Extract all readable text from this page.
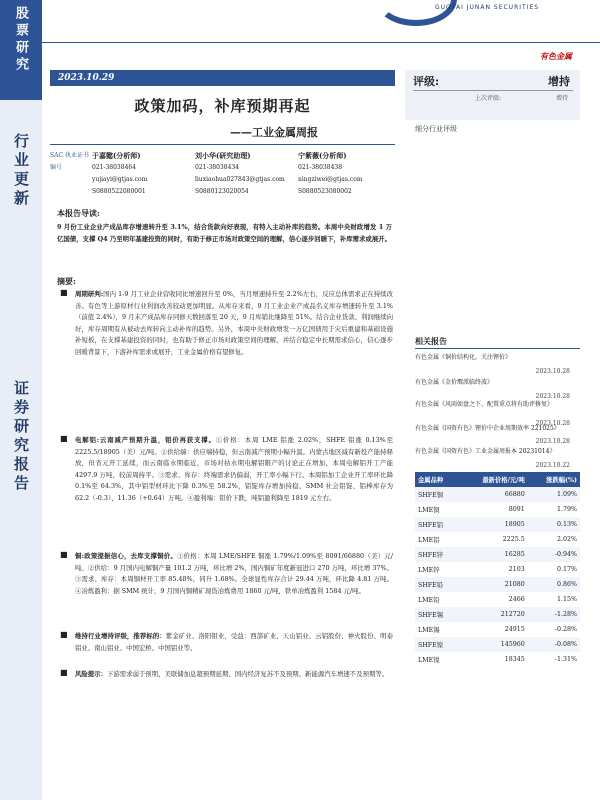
股票研究
行业更新
证券研究报告
GUOTAI JUNAN SECURITIES
有色金属
2023.10.29
政策加码，补库预期再起
——工业金属周报
评级:	增持
上次评级:	增持
细分行业评级
SAC 执业证书编号
于嘉懿(分析师)
021-38038464
yujiayi@gtjas.com
S0880522080001
刘小华(研究助理)
021-38038434
liuxiaohua027843@gtjas.com
S0880123020054
宁紫薇(分析师)
021-38038438
ningziwei@gtjas.com
S0880523080002
本报告导读:
9 月份工业企业产成品库存增速转升至 3.1%，结合货款向好表现，有特入主动补库的趋势。本周中央财政增发 1 万亿国债，支撑 Q4 乃至明年基建投资的同时，有助于修正市场对政策空间的理解，信心逐步回暖下，补库需求或展开。
摘要:
■ 周期研判:国内 1-9 月工业企业营收同比增速回升至 0%，当月增速持升至 2.2%左右，反应总体需求正在持续改善。有色等上游原材行业利润改善较动更加明显。从库存来看，9 月工业企业产成品名义库存增速转升至 3.1%（前值 2.4%），9 月末产成品库存同修天数回落至 20 天，9 月库销比继降至 51%。结合企业货款、利润继续向好，库存周期有从被动去库转向主动补库的趋势。另外，本周中央财政增发一万亿国债用于灾后重建和基础设施补短板，在支撑基建投资的同时，也有助于修正市场对政策空间的理解，并结合稳定中长期需求信心，信心逐步回暖背景下，下游补库需求或展开，工业金属价格有望修复。
■ 电解铝:云南减产预期升温，铝价再获支撑。①价格：本周 LME 铝涨 2.02%，SHFE 铝涨 0.13%至 2225.5/18905（美）元/吨。②供给端：供应端持稳，但云南减产预期小幅升温。内蒙古地区减有新投产能持释放，但省元开工延续，而云南临水期临近，市场对枯水期电解铝限产的讨论正在增加，本周电解铝开工产能 4297.9 万吨，较前周持平。③需求、库存：终端需求仍偏弱，开工率小幅下行。本周铝加工企业开工率环比降 0.1%至 64.3%，其中铝型材环比下降 0.3%至 58.2%，铝锭库存增加持稳，SMM 社会铝锭、铝棒库存为 62.2（-0.3）、11.36（+0.64）万吨。④盈利端：铝价下跌，吨铝盈利降至 1819 元左右。
■ 铜:政策提振信心，去库支撑铜价。①价格：本周 LME/SHFE 铜涨 1.79%/1.09%至 8091/66880（美）元/吨。②供给：9 月国内电解铜产量 101.2 万吨，环比增 2%，国内铜矿年度新冠进口 270 万吨，环比增 37%。③需求、库存：本周铜材开工率 85.48%，同升 1.68%。全球显性库存合计 29.44 万吨，环比降 4.81 万吨。④冶炼盈利：据 SMM 统计，9 月国内铜精矿现货冶炼费用 1860 元/吨，铁单冶炼盈利 1584 元/吨。
■ 维持行业增持评级，推荐标的：紫金矿业、洛阳钼业，受益：西部矿业、天山铝业、云铝股份、神火股份、明泰铝业、南山铝业、中国宏桥、中国铝业等。
■ 风险提示：下游需求弱于预期、美联储加息超预期延期、国内经济复苏不及预期、新能源汽车增速不及预期等。
相关报告
有色金属《铜价结构化，关注锂价》
2023.10.28
有色金属《金价鹰派临终波》
2023.10.28
有色金属《风雨如盘之下，配置重点将有助评修复》
2023.10.28
金属品种	最新价格/元/吨	涨跌幅(%)
SHFE铜	66880	1.09%
LME铜	8091	1.79%
SHFE铝	18905	0.13%
LME铝	2225.5	2.02%
SHFE锌	16285	-0.94%
LME锌	2103	0.17%
SHFE铅	21080	0.86%
LME铅	2466	1.15%
SHFE锡	212720	-1.28%
LME锡	24915	-0.28%
SHFE镍	145960	-0.08%
LME镍	18345	-1.31%
有色金属《国资有色》锂价中企业周期效率 221025》
2023.10.28
有色金属《国资有色》工业金属周报本 20231014》
2023.10.22
